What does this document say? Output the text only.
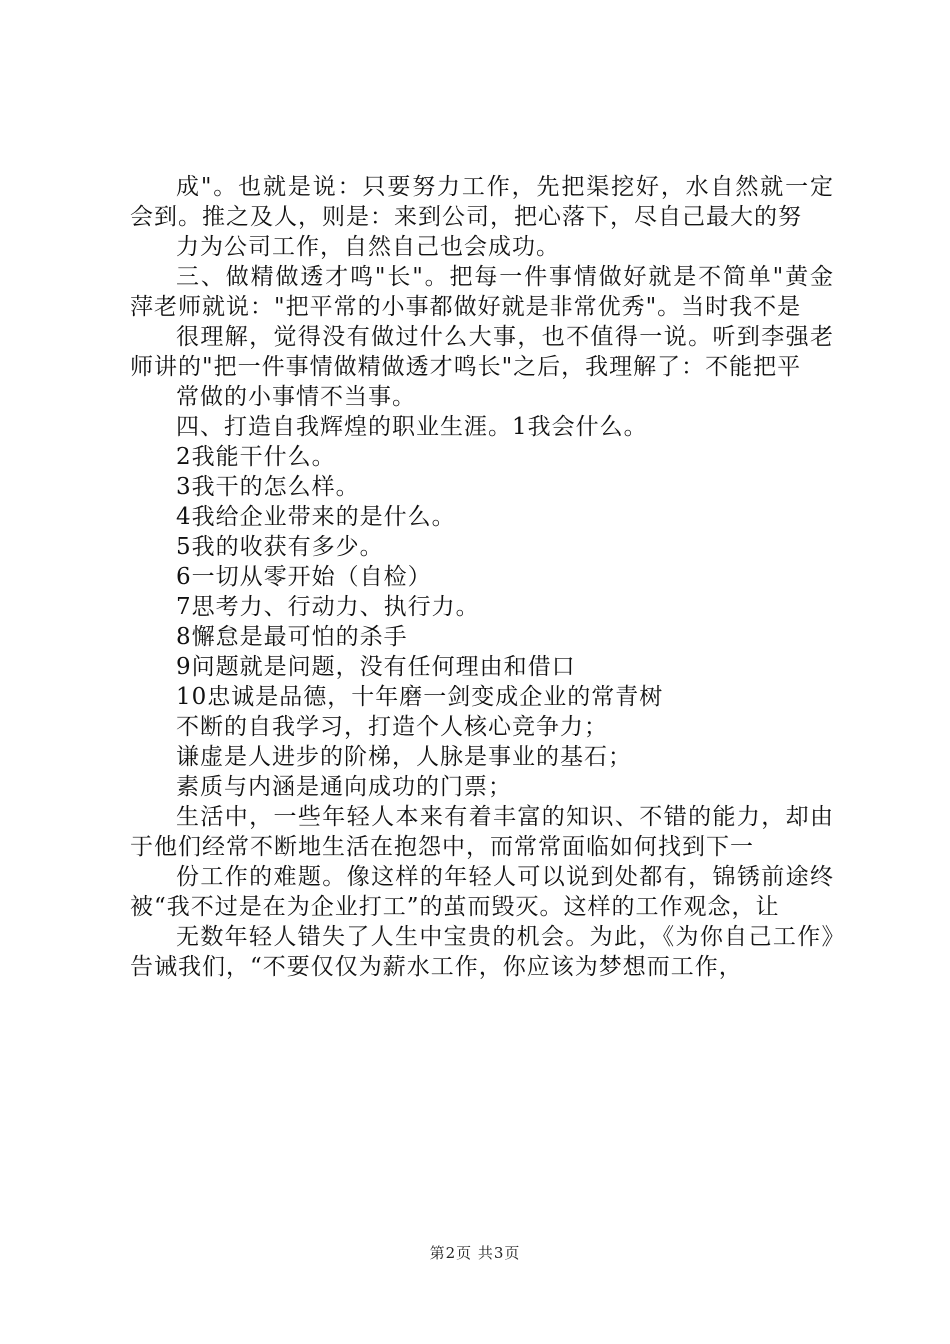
成"。也就是说：只要努力工作，先把渠挖好，水自然就一定会到。推之及人，则是：来到公司，把心落下，尽自己最大的努

力为公司工作，自然自己也会成功。

三、做精做透才鸣"长"。把每一件事情做好就是不简单"黄金萍老师就说："把平常的小事都做好就是非常优秀"。当时我不是

很理解，觉得没有做过什么大事，也不值得一说。听到李强老师讲的"把一件事情做精做透才鸣长"之后，我理解了：不能把平

常做的小事情不当事。

四、打造自我辉煌的职业生涯。1我会什么。

2我能干什么。

3我干的怎么样。

4我给企业带来的是什么。

5我的收获有多少。

6一切从零开始（自检）

7思考力、行动力、执行力。

8懈怠是最可怕的杀手

9问题就是问题，没有任何理由和借口

10忠诚是品德，十年磨一剑变成企业的常青树

不断的自我学习，打造个人核心竞争力；

谦虚是人进步的阶梯，人脉是事业的基石；

素质与内涵是通向成功的门票；

生活中，一些年轻人本来有着丰富的知识、不错的能力，却由于他们经常不断地生活在抱怨中，而常常面临如何找到下一

份工作的难题。像这样的年轻人可以说到处都有，锦锈前途终被“我不过是在为企业打工”的茧而毁灭。这样的工作观念，让

无数年轻人错失了人生中宝贵的机会。为此，《为你自己工作》告诫我们，“不要仅仅为薪水工作，你应该为梦想而工作，

第2页 共3页
